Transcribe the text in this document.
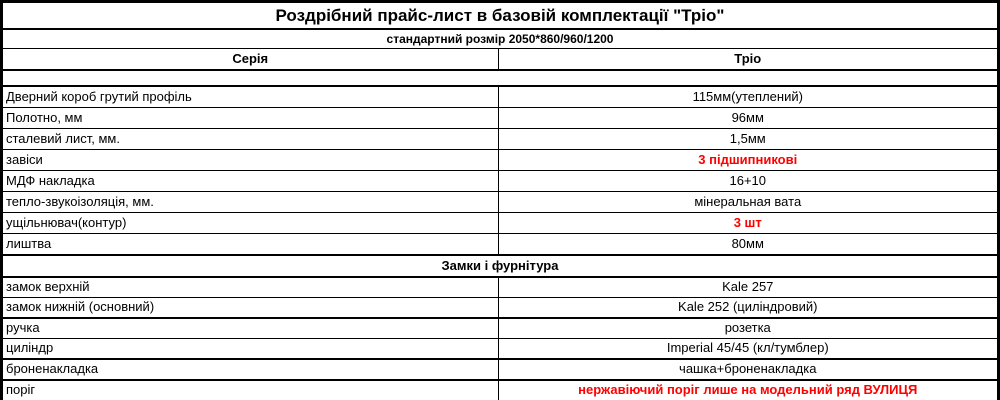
Роздрібний прайс-лист в базовій комплектації "Тріо"	
стандартний розмір 2050*860/960/1200	
Серія	Тріо

Дверний короб грутий профіль	115мм(утеплений)
Полотно, мм	96мм
сталевий лист, мм.	1,5мм
завіси	3 підшипникові
МДФ накладка	16+10
тепло-звукоізоляція, мм.	мінеральная вата
ущільнювач(контур)	3 шт
лиштва	80мм
Замки і фурнітура	
замок верхній	Kale 257
замок нижній (основний)	Kale 252 (циліндровий)
ручка	розетка
циліндр	Imperial 45/45 (кл/тумблер)
броненакладка	чашка+броненакладка
поріг	нержавіючий поріг лише на модельний ряд ВУЛИЦЯ
